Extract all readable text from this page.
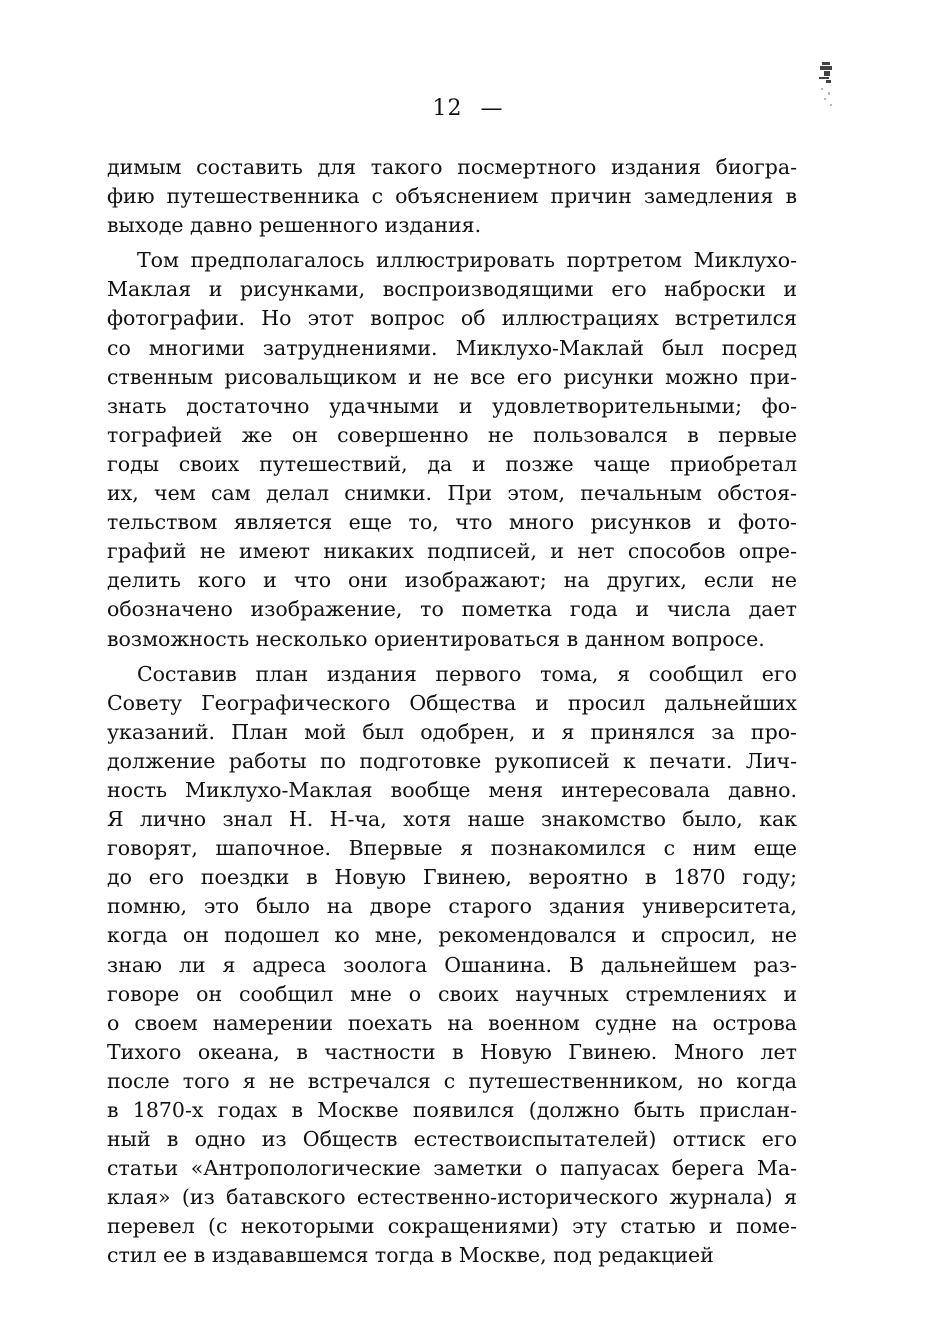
12 —
димым составить для такого посмертного издания биогра-
фию путешественника с объяснением причин замедления в
выходе давно решенного издания.
Том предполагалось иллюстрировать портретом Миклухо-
Маклая и рисунками, воспроизводящими его наброски и
фотографии. Но этот вопрос об иллюстрациях встретился
со многими затруднениями. Миклухо-Маклай был посред
ственным рисовальщиком и не все его рисунки можно при-
знать достаточно удачными и удовлетворительными; фо-
тографией же он совершенно не пользовался в первые
годы своих путешествий, да и позже чаще приобретал
их, чем сам делал снимки. При этом, печальным обстоя-
тельством является еще то, что много рисунков и фото-
графий не имеют никаких подписей, и нет способов опре-
делить кого и что они изображают; на других, если не
обозначено изображение, то пометка года и числа дает
возможность несколько ориентироваться в данном вопросе.
Составив план издания первого тома, я сообщил его
Совету Географического Общества и просил дальнейших
указаний. План мой был одобрен, и я принялся за про-
должение работы по подготовке рукописей к печати. Лич-
ность Миклухо-Маклая вообще меня интересовала давно.
Я лично знал Н. Н-ча, хотя наше знакомство было, как
говорят, шапочное. Впервые я познакомился с ним еще
до его поездки в Новую Гвинею, вероятно в 1870 году;
помню, это было на дворе старого здания университета,
когда он подошел ко мне, рекомендовался и спросил, не
знаю ли я адреса зоолога Ошанина. В дальнейшем раз-
говоре он сообщил мне о своих научных стремлениях и
о своем намерении поехать на военном судне на острова
Тихого океана, в частности в Новую Гвинею. Много лет
после того я не встречался с путешественником, но когда
в 1870-х годах в Москве появился (должно быть прислан-
ный в одно из Обществ естествоиспытателей) оттиск его
статьи «Антропологические заметки о папуасах берега Ма-
клая» (из батавского естественно-исторического журнала) я
перевел (с некоторыми сокращениями) эту статью и поме-
стил ее в издававшемся тогда в Москве, под редакцией
